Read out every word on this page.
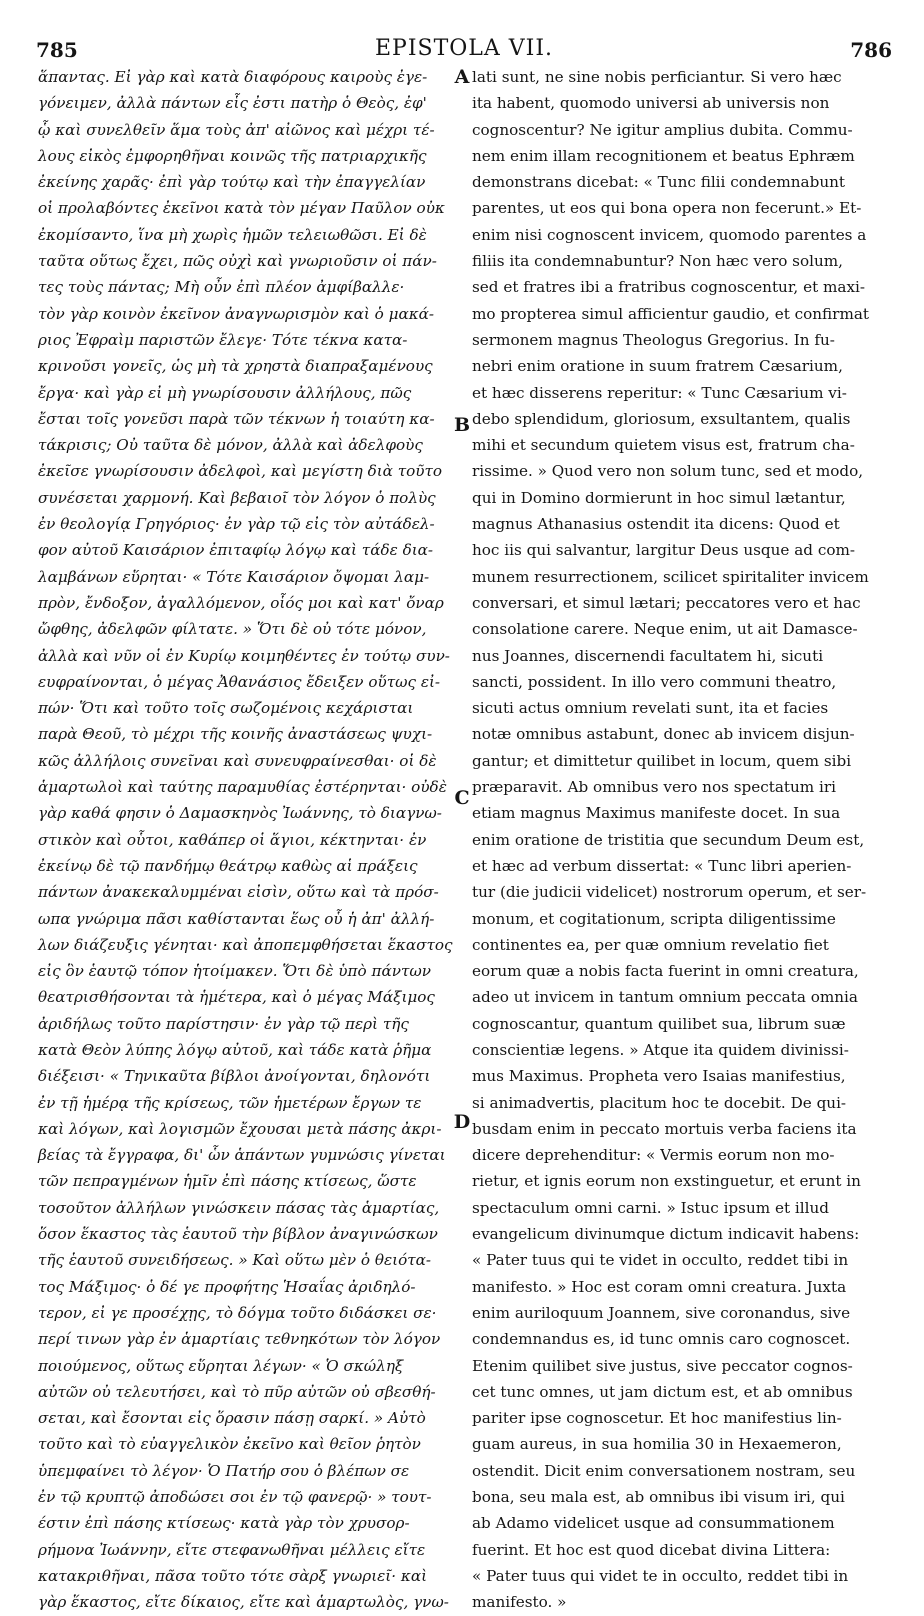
785	EPISTOLA VII.	786
ἅπαντας. Εἰ γὰρ καὶ κατὰ διαφόρους καιροὺς ἐγε-
γόνειμεν, ἀλλὰ πάντων εἷς ἐστι πατὴρ ὁ Θεὸς, ἐφ'
ᾧ καὶ συνελθεῖν ἅμα τοὺς ἀπ' αἰῶνος καὶ μέχρι τέ-
λους εἰκὸς ἐμφορηθῆναι κοινῶς τῆς πατριαρχικῆς
ἐκείνης χαρᾶς· ἐπὶ γὰρ τούτῳ καὶ τὴν ἐπαγγελίαν
οἱ προλαβόντες ἐκεῖνοι κατὰ τὸν μέγαν Παῦλον οὐκ
ἐκομίσαντο, ἵνα μὴ χωρὶς ἡμῶν τελειωθῶσι. Εἰ δὲ
ταῦτα οὕτως ἔχει, πῶς οὐχὶ καὶ γνωριοῦσιν οἱ πάν-
τες τοὺς πάντας; Μὴ οὖν ἐπὶ πλέον ἀμφίβαλλε·
τὸν γὰρ κοινὸν ἐκεῖνον ἀναγνωρισμὸν καὶ ὁ μακά-
ριος Ἐφραὶμ παριστῶν ἔλεγε· Τότε τέκνα κατα-
κρινοῦσι γονεῖς, ὡς μὴ τὰ χρηστὰ διαπραξαμένους
ἔργα· καὶ γὰρ εἰ μὴ γνωρίσουσιν ἀλλήλους, πῶς
ἔσται τοῖς γονεῦσι παρὰ τῶν τέκνων ἡ τοιαύτη κα-
τάκρισις; Οὐ ταῦτα δὲ μόνον, ἀλλὰ καὶ ἀδελφοὺς
ἐκεῖσε γνωρίσουσιν ἀδελφοὶ, καὶ μεγίστη διὰ τοῦτο
συνέσεται χαρμονή. Καὶ βεβαιοῖ τὸν λόγον ὁ πολὺς
ἐν θεολογίᾳ Γρηγόριος· ἐν γὰρ τῷ εἰς τὸν αὐτάδελ-
φον αὐτοῦ Καισάριον ἐπιταφίῳ λόγῳ καὶ τάδε δια-
λαμβάνων εὕρηται· « Τότε Καισάριον ὄψομαι λαμ-
πρὸν, ἔνδοξον, ἀγαλλόμενον, οἷός μοι καὶ κατ' ὄναρ
ὤφθης, ἀδελφῶν φίλτατε. » Ὅτι δὲ οὐ τότε μόνον,
ἀλλὰ καὶ νῦν οἱ ἐν Κυρίῳ κοιμηθέντες ἐν τούτῳ συν-
ευφραίνονται, ὁ μέγας Ἀθανάσιος ἔδειξεν οὕτως εἰ-
πών· Ὅτι καὶ τοῦτο τοῖς σωζομένοις κεχάρισται
παρὰ Θεοῦ, τὸ μέχρι τῆς κοινῆς ἀναστάσεως ψυχι-
κῶς ἀλλήλοις συνεῖναι καὶ συνευφραίνεσθαι· οἱ δὲ
ἁμαρτωλοὶ καὶ ταύτης παραμυθίας ἐστέρηνται· οὐδὲ
γὰρ καθά φησιν ὁ Δαμασκηνὸς Ἰωάννης, τὸ διαγνω-
στικὸν καὶ οὗτοι, καθάπερ οἱ ἅγιοι, κέκτηνται· ἐν
ἐκείνῳ δὲ τῷ πανδήμῳ θεάτρῳ καθὼς αἱ πράξεις
πάντων ἀνακεκαλυμμέναι εἰσὶν, οὕτω καὶ τὰ πρόσ-
ωπα γνώριμα πᾶσι καθίστανται ἕως οὗ ἡ ἀπ' ἀλλή-
λων διάζευξις γένηται· καὶ ἀποπεμφθήσεται ἕκαστος
εἰς ὃν ἑαυτῷ τόπον ἡτοίμακεν. Ὅτι δὲ ὑπὸ πάντων
θεατρισθήσονται τὰ ἡμέτερα, καὶ ὁ μέγας Μάξιμος
ἀριδήλως τοῦτο παρίστησιν· ἐν γὰρ τῷ περὶ τῆς
κατὰ Θεὸν λύπης λόγῳ αὐτοῦ, καὶ τάδε κατὰ ῥῆμα
διέξεισι· « Τηνικαῦτα βίβλοι ἀνοίγονται, δηλονότι
ἐν τῇ ἡμέρᾳ τῆς κρίσεως, τῶν ἡμετέρων ἔργων τε
καὶ λόγων, καὶ λογισμῶν ἔχουσαι μετὰ πάσης ἀκρι-
βείας τὰ ἔγγραφα, δι' ὧν ἁπάντων γυμνώσις γίνεται
τῶν πεπραγμένων ἡμῖν ἐπὶ πάσης κτίσεως, ὥστε
τοσοῦτον ἀλλήλων γινώσκειν πάσας τὰς ἁμαρτίας,
ὅσον ἕκαστος τὰς ἑαυτοῦ τὴν βίβλον ἀναγινώσκων
τῆς ἑαυτοῦ συνειδήσεως. » Καὶ οὕτω μὲν ὁ θειότα-
τος Μάξιμος· ὁ δέ γε προφήτης Ἡσαΐας ἀριδηλό-
τερον, εἰ γε προσέχῃς, τὸ δόγμα τοῦτο διδάσκει σε·
περί τινων γὰρ ἐν ἁμαρτίαις τεθνηκότων τὸν λόγον
ποιούμενος, οὕτως εὕρηται λέγων· « Ὁ σκώληξ
αὐτῶν οὐ τελευτήσει, καὶ τὸ πῦρ αὐτῶν οὐ σβεσθή-
σεται, καὶ ἔσονται εἰς ὅρασιν πάσῃ σαρκί. » Αὐτὸ
τοῦτο καὶ τὸ εὐαγγελικὸν ἐκεῖνο καὶ θεῖον ῥητὸν
ὑπεμφαίνει τὸ λέγον· Ὁ Πατήρ σου ὁ βλέπων σε
ἐν τῷ κρυπτῷ ἀποδώσει σοι ἐν τῷ φανερῷ· » τουτ-
έστιν ἐπὶ πάσης κτίσεως· κατὰ γὰρ τὸν χρυσορ-
ρήμονα Ἰωάννην, εἴτε στεφανωθῆναι μέλλεις εἴτε
κατακριθῆναι, πᾶσα τοῦτο τότε σὰρξ γνωριεῖ· καὶ
γὰρ ἕκαστος, εἴτε δίκαιος, εἴτε καὶ ἁμαρτωλὸς, γνω-
lati sunt, ne sine nobis perficiantur. Si vero hæc
ita habent, quomodo universi ab universis non
cognoscentur? Ne igitur amplius dubita. Commu-
nem enim illam recognitionem et beatus Ephræm
demonstrans dicebat: « Tunc filii condemnabunt
parentes, ut eos qui bona opera non fecerunt.» Et-
enim nisi cognoscent invicem, quomodo parentes a
filiis ita condemnabuntur? Non hæc vero solum,
sed et fratres ibi a fratribus cognoscentur, et maxi-
mo propterea simul afficientur gaudio, et confirmat
sermonem magnus Theologus Gregorius. In fu-
nebri enim oratione in suum fratrem Cæsarium,
et hæc disserens reperitur: « Tunc Cæsarium vi-
debo splendidum, gloriosum, exsultantem, qualis
mihi et secundum quietem visus est, fratrum cha-
rissime. » Quod vero non solum tunc, sed et modo,
qui in Domino dormierunt in hoc simul lætantur,
magnus Athanasius ostendit ita dicens: Quod et
hoc iis qui salvantur, largitur Deus usque ad com-
munem resurrectionem, scilicet spiritaliter invicem
conversari, et simul lætari; peccatores vero et hac
consolatione carere. Neque enim, ut ait Damasce-
nus Joannes, discernendi facultatem hi, sicuti
sancti, possident. In illo vero communi theatro,
sicuti actus omnium revelati sunt, ita et facies
notæ omnibus astabunt, donec ab invicem disjun-
gantur; et dimittetur quilibet in locum, quem sibi
præparavit. Ab omnibus vero nos spectatum iri
etiam magnus Maximus manifeste docet. In sua
enim oratione de tristitia que secundum Deum est,
et hæc ad verbum dissertat: « Tunc libri aperien-
tur (die judicii videlicet) nostrorum operum, et ser-
monum, et cogitationum, scripta diligentissime
continentes ea, per quæ omnium revelatio fiet
eorum quæ a nobis facta fuerint in omni creatura,
adeo ut invicem in tantum omnium peccata omnia
cognoscantur, quantum quilibet sua, librum suæ
conscientiæ legens. » Atque ita quidem divinissi-
mus Maximus. Propheta vero Isaias manifestius,
si animadvertis, placitum hoc te docebit. De qui-
busdam enim in peccato mortuis verba faciens ita
dicere deprehenditur: « Vermis eorum non mo-
rietur, et ignis eorum non exstinguetur, et erunt in
spectaculum omni carni. » Istuc ipsum et illud
evangelicum divinumque dictum indicavit habens:
« Pater tuus qui te videt in occulto, reddet tibi in
manifesto. » Hoc est coram omni creatura. Juxta
enim auriloquum Joannem, sive coronandus, sive
condemnandus es, id tunc omnis caro cognoscet.
Etenim quilibet sive justus, sive peccator cognos-
cet tunc omnes, ut jam dictum est, et ab omnibus
pariter ipse cognoscetur. Et hoc manifestius lin-
guam aureus, in sua homilia 30 in Hexaemeron,
ostendit. Dicit enim conversationem nostram, seu
bona, seu mala est, ab omnibus ibi visum iri, qui
ab Adamo videlicet usque ad consummationem
fuerint. Et hoc est quod dicebat divina Littera:
« Pater tuus qui videt te in occulto, reddet tibi in
manifesto. »
A
B
C
D
